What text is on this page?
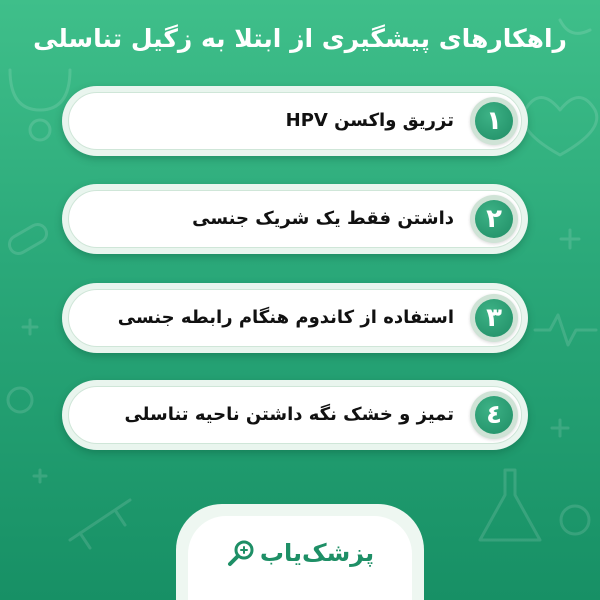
راهکارهای پیشگیری از ابتلا به زگیل تناسلی
١
تزریق واکسن HPV
٢
داشتن فقط یک شریک جنسی
٣
استفاده از کاندوم هنگام رابطه جنسی
٤
تمیز و خشک نگه داشتن ناحیه تناسلی
پزشک‌یاب
